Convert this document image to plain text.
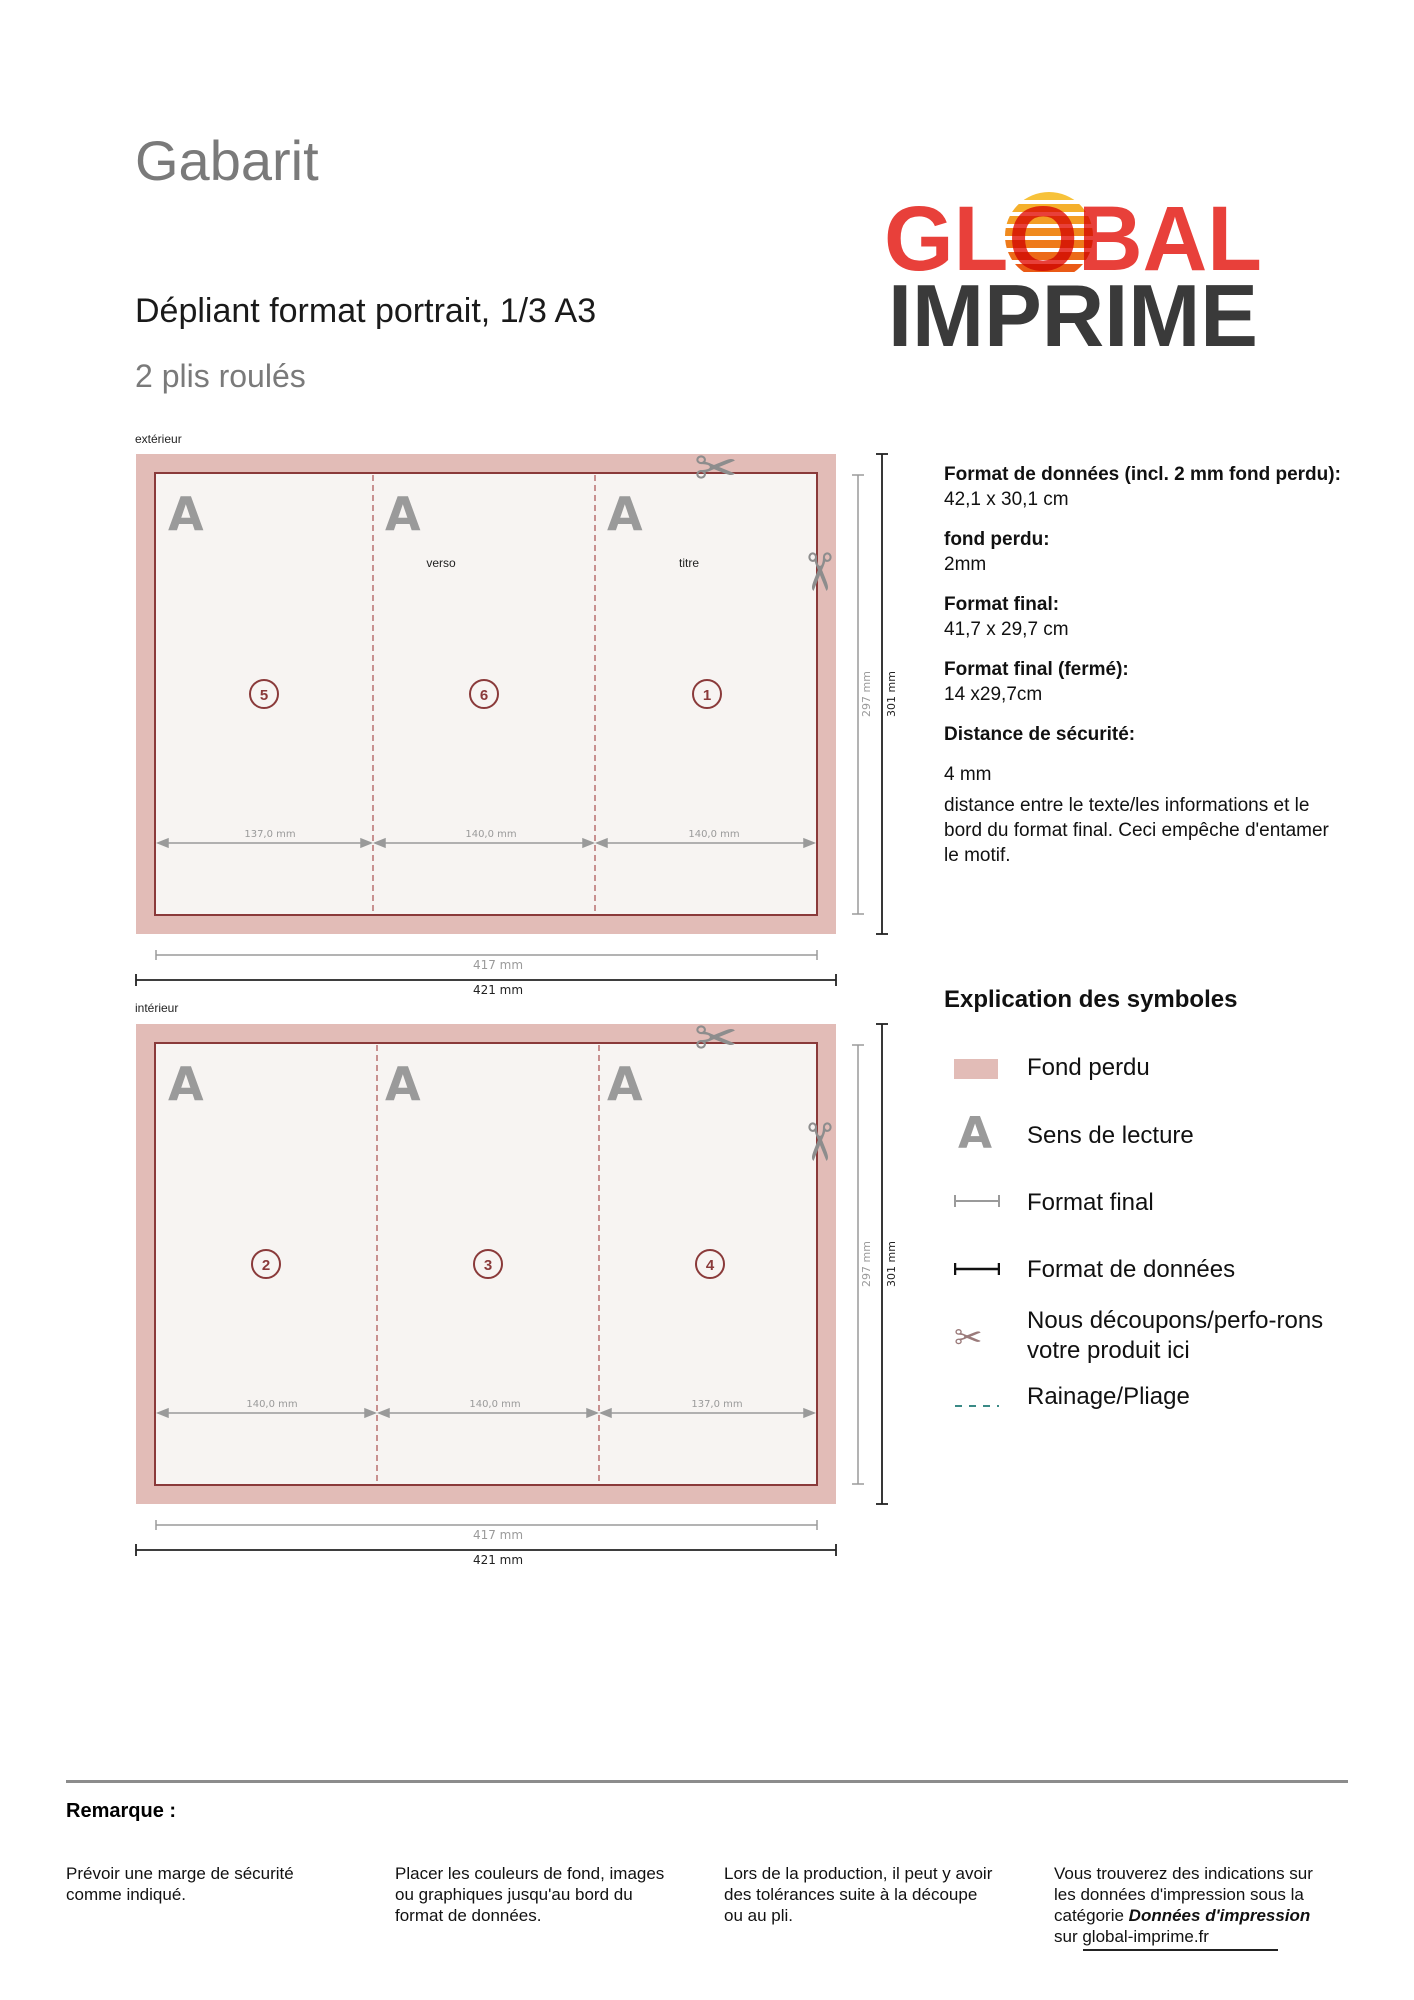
Gabarit
Dépliant format portrait, 1/3 A3
2 plis roulés
GLOBAL
IMPRIME
extérieur
intérieur
A	A	A
verso	titre
✂
✂
5	6	1
137,0 mm	140,0 mm	140,0 mm
297 mm 301 mm
417 mm
421 mm
A	A	A
✂
✂
2	3	4
140,0 mm	140,0 mm	137,0 mm
297 mm 301 mm
417 mm
421 mm

Format de données (incl. 2 mm fond perdu):

42,1 x 30,1 cm

fond perdu:

2mm

Format final:

41,7 x 29,7 cm

Format final (fermé):

14 x29,7cm

Distance de sécurité:

4 mm

distance entre le texte/les informations et le bord du format final. Ceci empêche d'entamer le motif.

Explication des symboles
Fond perdu
A Sens de lecture
Format final
Format de données
✂ Nous découpons/perfo-rons votre produit ici
Rainage/Pliage
Remarque :
Prévoir une marge de sécurité comme indiqué.
Placer les couleurs de fond, images ou graphiques jusqu'au bord du format de données.
Lors de la production, il peut y avoir des tolérances suite à la découpe ou au pli.
Vous trouverez des indications sur les données d'impression sous la catégorie Données d'impression sur global-imprime.fr
